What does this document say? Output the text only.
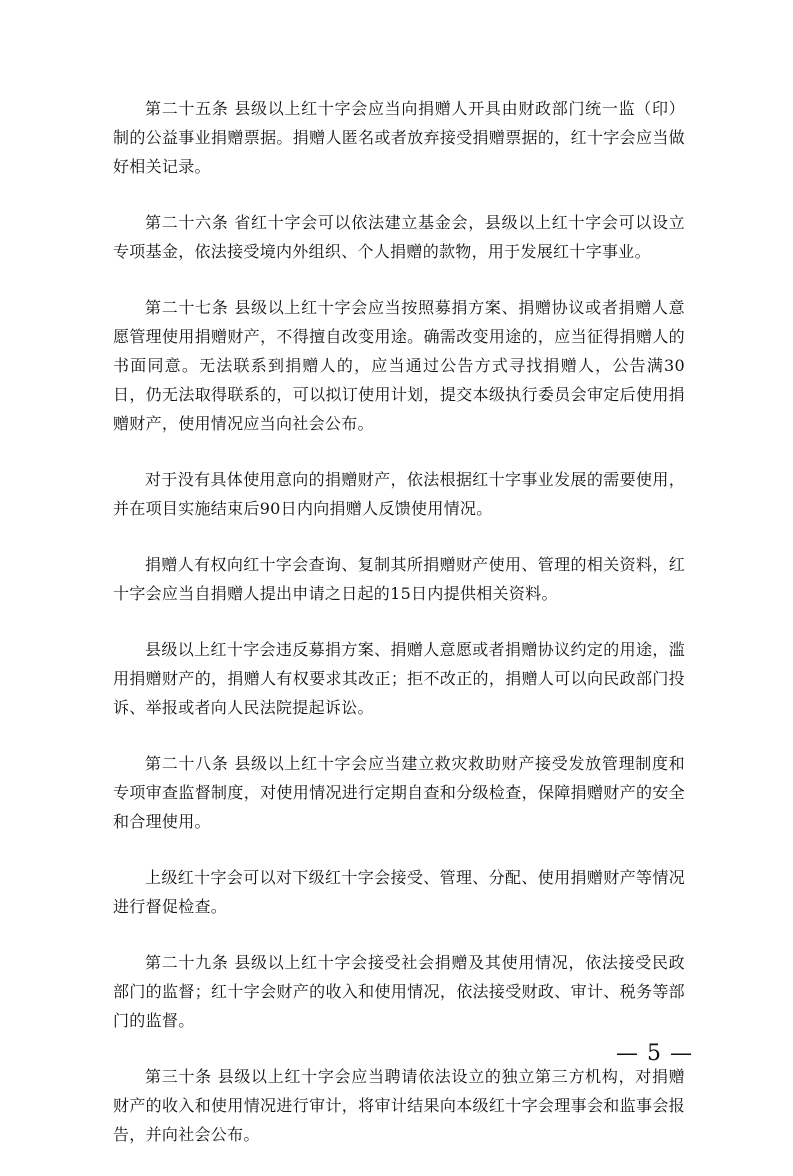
第二十五条 县级以上红十字会应当向捐赠人开具由财政部门统一监（印）制的公益事业捐赠票据。捐赠人匿名或者放弃接受捐赠票据的，红十字会应当做好相关记录。

第二十六条 省红十字会可以依法建立基金会，县级以上红十字会可以设立专项基金，依法接受境内外组织、个人捐赠的款物，用于发展红十字事业。

第二十七条 县级以上红十字会应当按照募捐方案、捐赠协议或者捐赠人意愿管理使用捐赠财产，不得擅自改变用途。确需改变用途的，应当征得捐赠人的书面同意。无法联系到捐赠人的，应当通过公告方式寻找捐赠人，公告满30日，仍无法取得联系的，可以拟订使用计划，提交本级执行委员会审定后使用捐赠财产，使用情况应当向社会公布。

对于没有具体使用意向的捐赠财产，依法根据红十字事业发展的需要使用，并在项目实施结束后90日内向捐赠人反馈使用情况。

捐赠人有权向红十字会查询、复制其所捐赠财产使用、管理的相关资料，红十字会应当自捐赠人提出申请之日起的15日内提供相关资料。

县级以上红十字会违反募捐方案、捐赠人意愿或者捐赠协议约定的用途，滥用捐赠财产的，捐赠人有权要求其改正；拒不改正的，捐赠人可以向民政部门投诉、举报或者向人民法院提起诉讼。

第二十八条 县级以上红十字会应当建立救灾救助财产接受发放管理制度和专项审查监督制度，对使用情况进行定期自查和分级检查，保障捐赠财产的安全和合理使用。

上级红十字会可以对下级红十字会接受、管理、分配、使用捐赠财产等情况进行督促检查。

第二十九条 县级以上红十字会接受社会捐赠及其使用情况，依法接受民政部门的监督；红十字会财产的收入和使用情况，依法接受财政、审计、税务等部门的监督。

第三十条 县级以上红十字会应当聘请依法设立的独立第三方机构，对捐赠财产的收入和使用情况进行审计，将审计结果向本级红十字会理事会和监事会报告，并向社会公布。

— 5 —
